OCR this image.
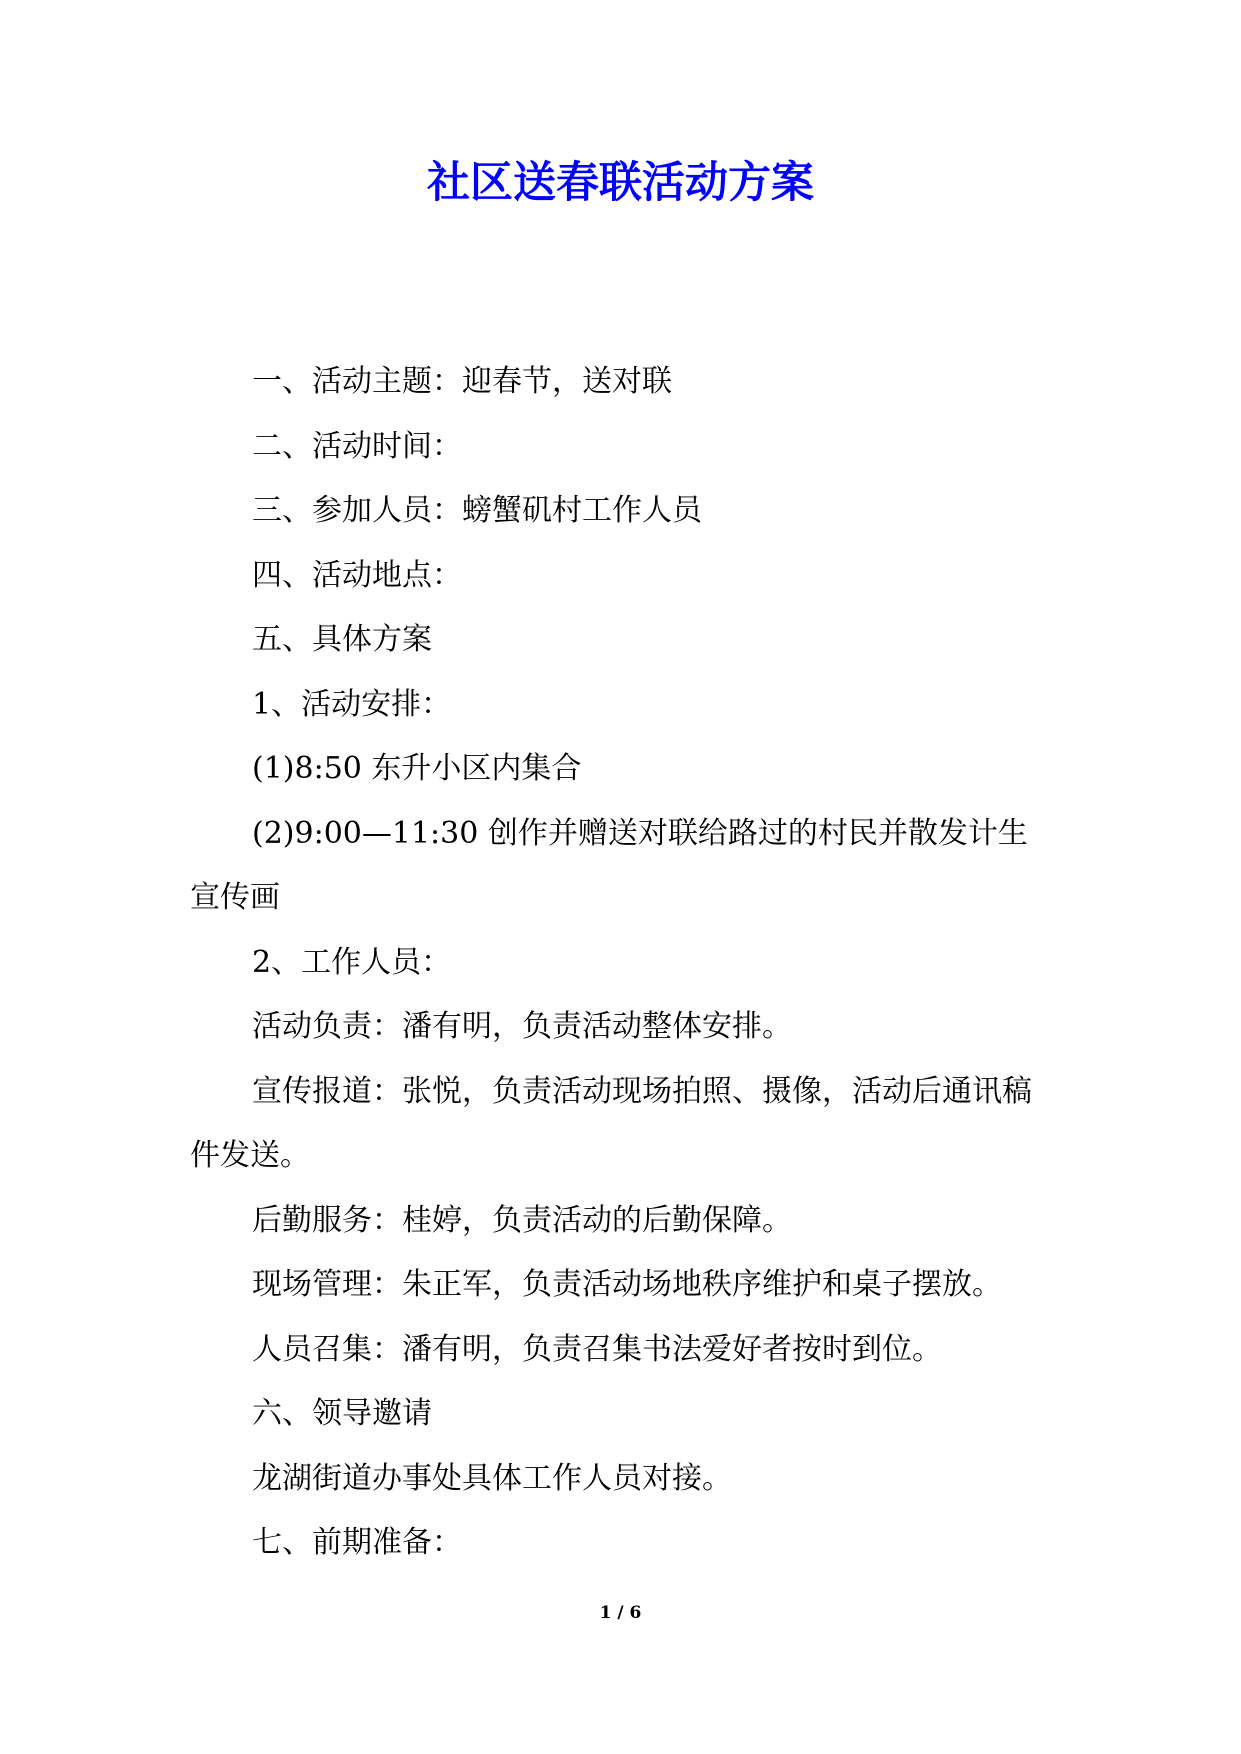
社区送春联活动方案

一、活动主题：迎春节，送对联

二、活动时间：

三、参加人员：螃蟹矶村工作人员

四、活动地点：

五、具体方案

1、活动安排：

(1)8:50 东升小区内集合

(2)9:00—11:30 创作并赠送对联给路过的村民并散发计生宣传画

2、工作人员：

活动负责：潘有明，负责活动整体安排。

宣传报道：张悦，负责活动现场拍照、摄像，活动后通讯稿件发送。

后勤服务：桂婷，负责活动的后勤保障。

现场管理：朱正军，负责活动场地秩序维护和桌子摆放。

人员召集：潘有明，负责召集书法爱好者按时到位。

六、领导邀请

龙湖街道办事处具体工作人员对接。

七、前期准备：

1 / 6
